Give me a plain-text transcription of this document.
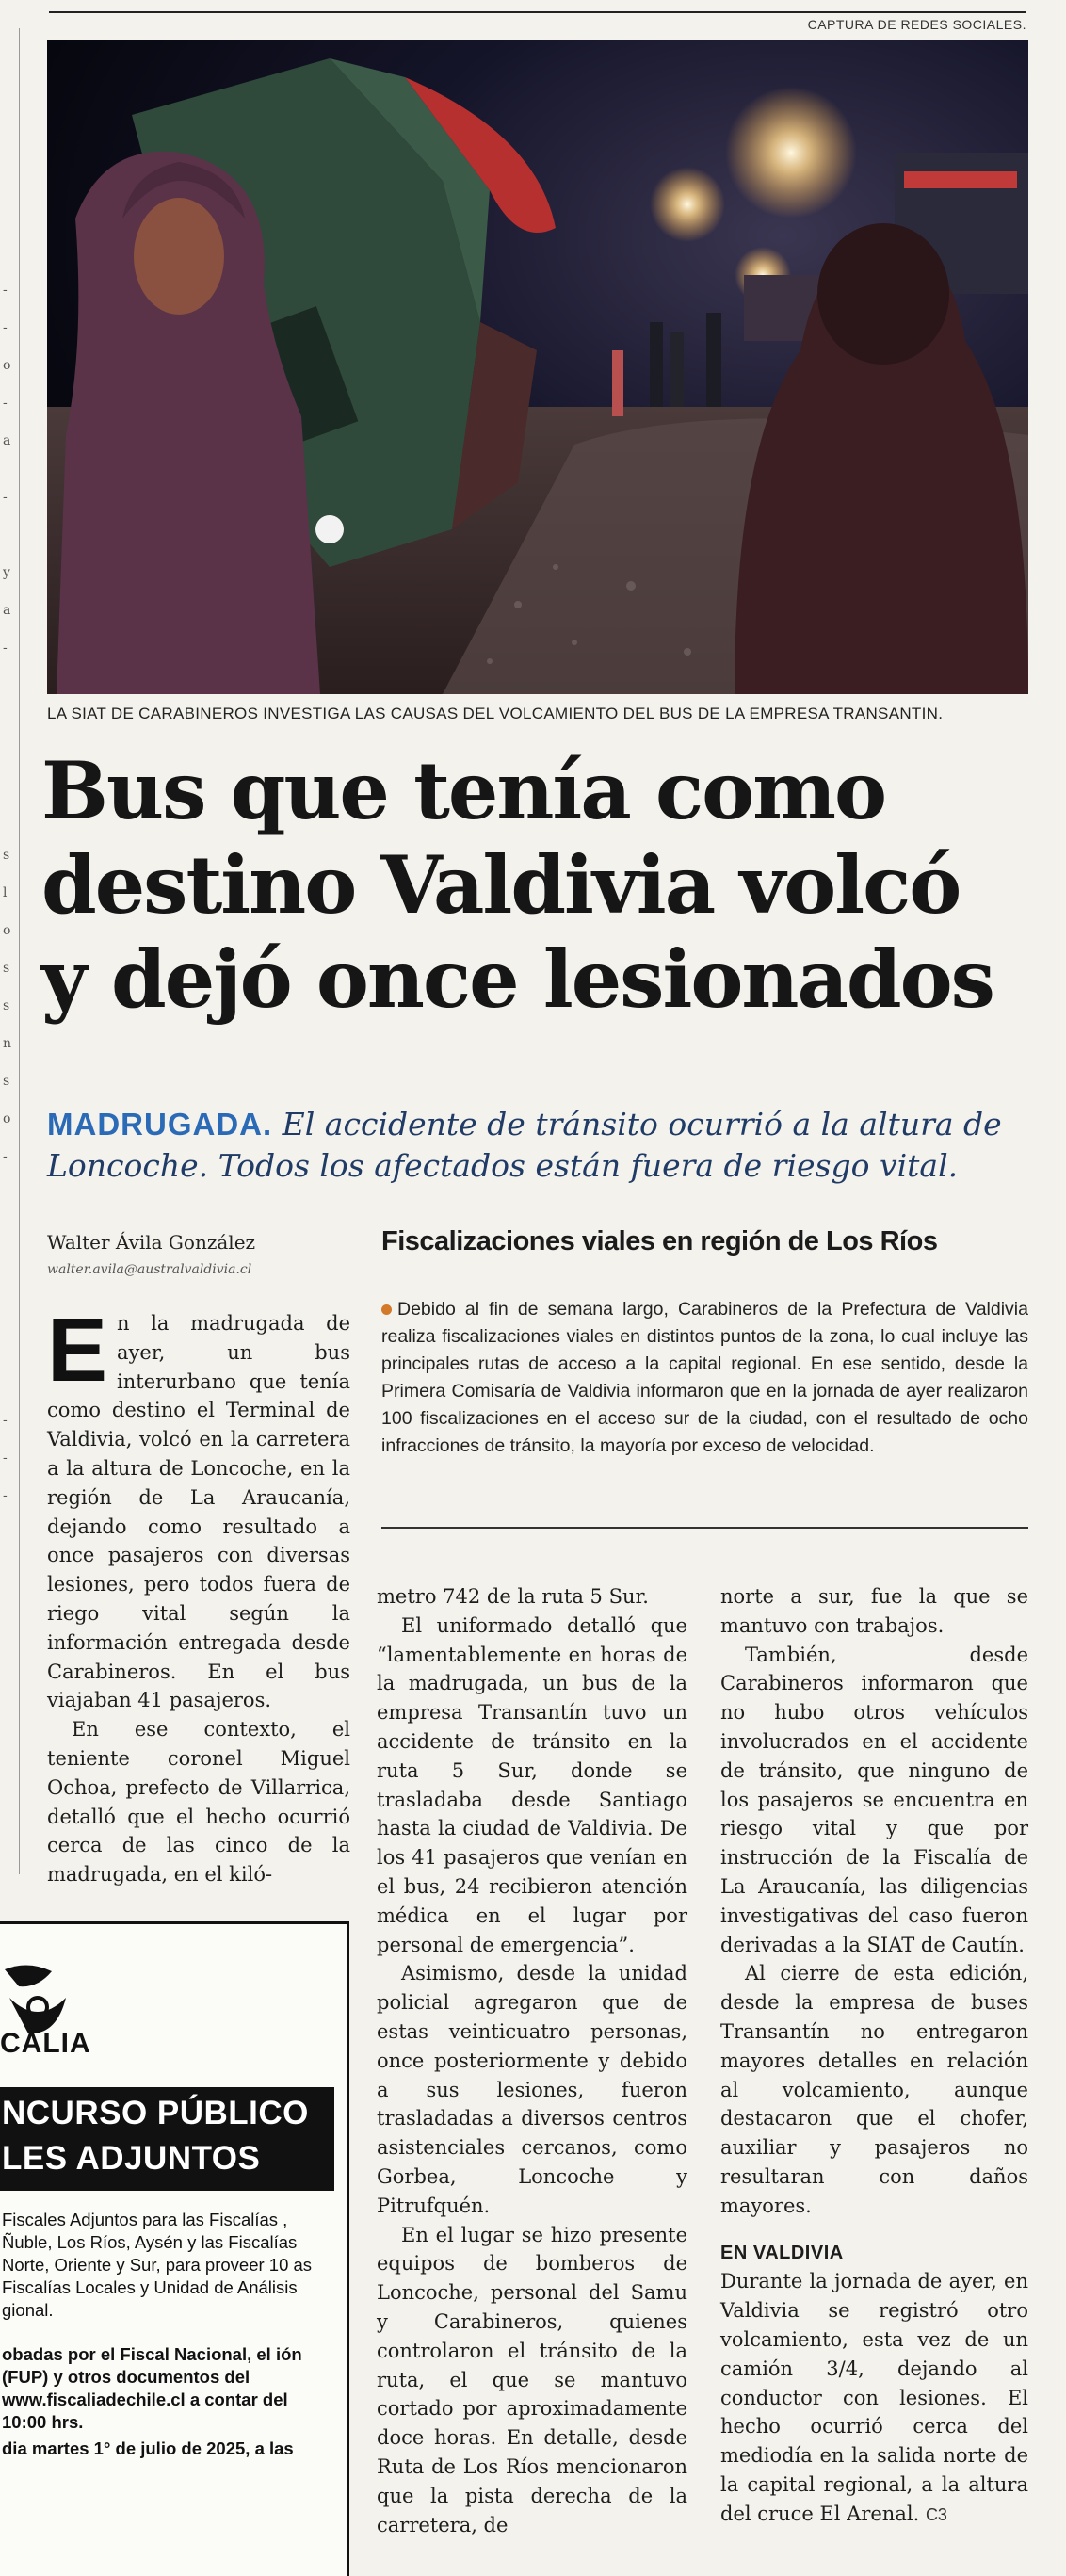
CAPTURA DE REDES SOCIALES.
-
-
o
-
a
-
y
a
-
s
l
o
s
s
n
s
o
-
-
-
-
LA SIAT DE CARABINEROS INVESTIGA LAS CAUSAS DEL VOLCAMIENTO DEL BUS DE LA EMPRESA TRANSANTIN.
Bus que tenía como
destino Valdivia volcó
y dejó once lesionados
MADRUGADA. El accidente de tránsito ocurrió a la altura de Loncoche. Todos los afectados están fuera de riesgo vital.
Walter Ávila González
walter.avila@australvaldivia.cl
Fiscalizaciones viales en región de Los Ríos
Debido al fin de semana largo, Carabineros de la Prefectura de Valdivia realiza fiscalizaciones viales en distintos puntos de la zona, lo cual incluye las principales rutas de acceso a la capital regional. En ese sentido, desde la Primera Comisaría de Valdivia informaron que en la jornada de ayer realizaron 100 fiscalizaciones en el acceso sur de la ciudad, con el resultado de ocho infracciones de tránsito, la mayoría por exceso de velocidad.

En la madrugada de ayer, un bus interurbano que tenía como destino el Terminal de Valdivia, volcó en la carretera a la altura de Loncoche, en la región de La Araucanía, dejando como resultado a once pasajeros con diversas lesiones, pero todos fuera de riego vital según la información entregada desde Carabineros. En el bus viajaban 41 pasajeros.

En ese contexto, el teniente coronel Miguel Ochoa, prefecto de Villarrica, detalló que el hecho ocurrió cerca de las cinco de la madrugada, en el kiló-

metro 742 de la ruta 5 Sur.

El uniformado detalló que “lamentablemente en horas de la madrugada, un bus de la empresa Transantín tuvo un accidente de tránsito en la ruta 5 Sur, donde se trasladaba desde Santiago hasta la ciudad de Valdivia. De los 41 pasajeros que venían en el bus, 24 recibieron atención médica en el lugar por personal de emergencia”.

Asimismo, desde la unidad policial agregaron que de estas veinticuatro personas, once posteriormente y debido a sus lesiones, fueron trasladadas a diversos centros asistenciales cercanos, como Gorbea, Loncoche y Pitrufquén.

En el lugar se hizo presente equipos de bomberos de Loncoche, personal del Samu y Carabineros, quienes controlaron el tránsito de la ruta, el que se mantuvo cortado por aproximadamente doce horas. En detalle, desde Ruta de Los Ríos mencionaron que la pista derecha de la carretera, de

norte a sur, fue la que se mantuvo con trabajos.

También, desde Carabineros informaron que no hubo otros vehículos involucrados en el accidente de tránsito, que ninguno de los pasajeros se encuentra en riesgo vital y que por instrucción de la Fiscalía de La Araucanía, las diligencias investigativas del caso fueron derivadas a la SIAT de Cautín.

Al cierre de esta edición, desde la empresa de buses Transantín no entregaron mayores detalles en relación al volcamiento, aunque destacaron que el chofer, auxiliar y pasajeros no resultaran con daños mayores.

EN VALDIVIA

Durante la jornada de ayer, en Valdivia se registró otro volcamiento, esta vez de un camión 3/4, dejando al conductor con lesiones. El hecho ocurrió cerca del mediodía en la salida norte de la capital regional, a la altura del cruce El Arenal. C3

CALIA
NCURSO PÚBLICO
LES ADJUNTOS
Fiscales Adjuntos para las Fiscalías , Ñuble, Los Ríos, Aysén y las Fiscalías Norte, Oriente y Sur, para proveer 10 as Fiscalías Locales y Unidad de Análisis gional.
obadas por el Fiscal Nacional, el ión (FUP) y otros documentos del www.fiscaliadechile.cl a contar del 10:00 hrs.
dia martes 1° de julio de 2025, a las
